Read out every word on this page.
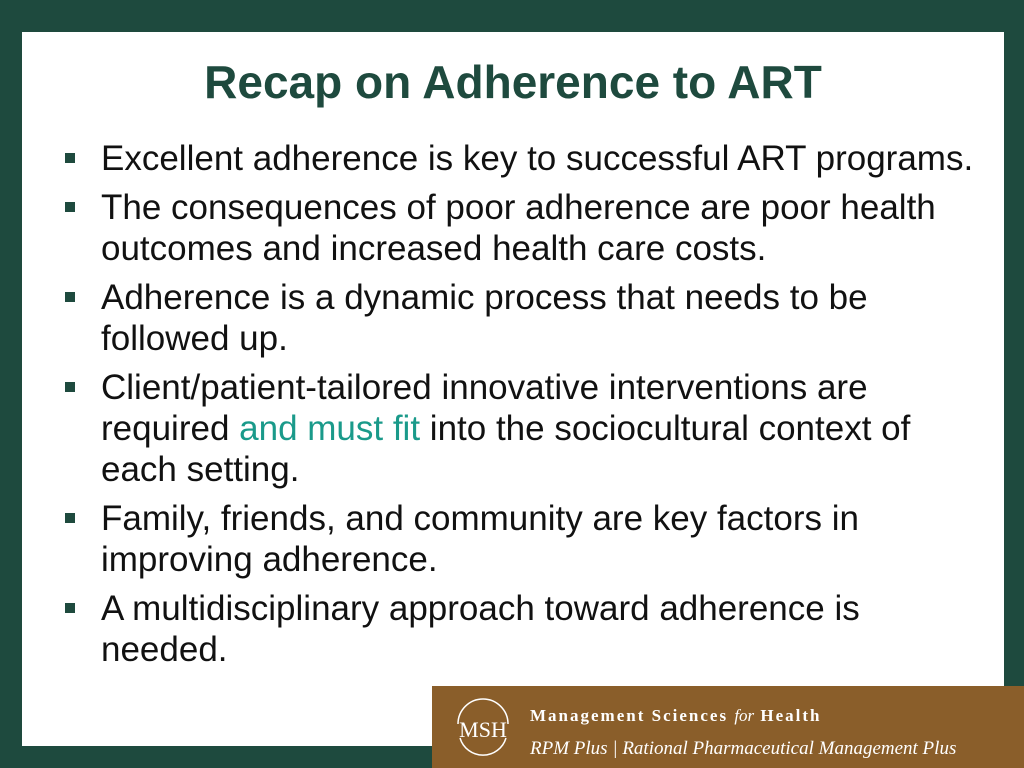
Recap on Adherence to ART
Excellent adherence is key to successful ART programs.
The consequences of poor adherence are poor health outcomes and increased health care costs.
Adherence is a dynamic process that needs to be followed up.
Client/patient-tailored innovative interventions are required and must fit into the sociocultural context of each setting.
Family, friends, and community are key factors in improving adherence.
A multidisciplinary approach toward adherence is needed.
MSH
Management Sciences for Health
RPM Plus | Rational Pharmaceutical Management Plus
